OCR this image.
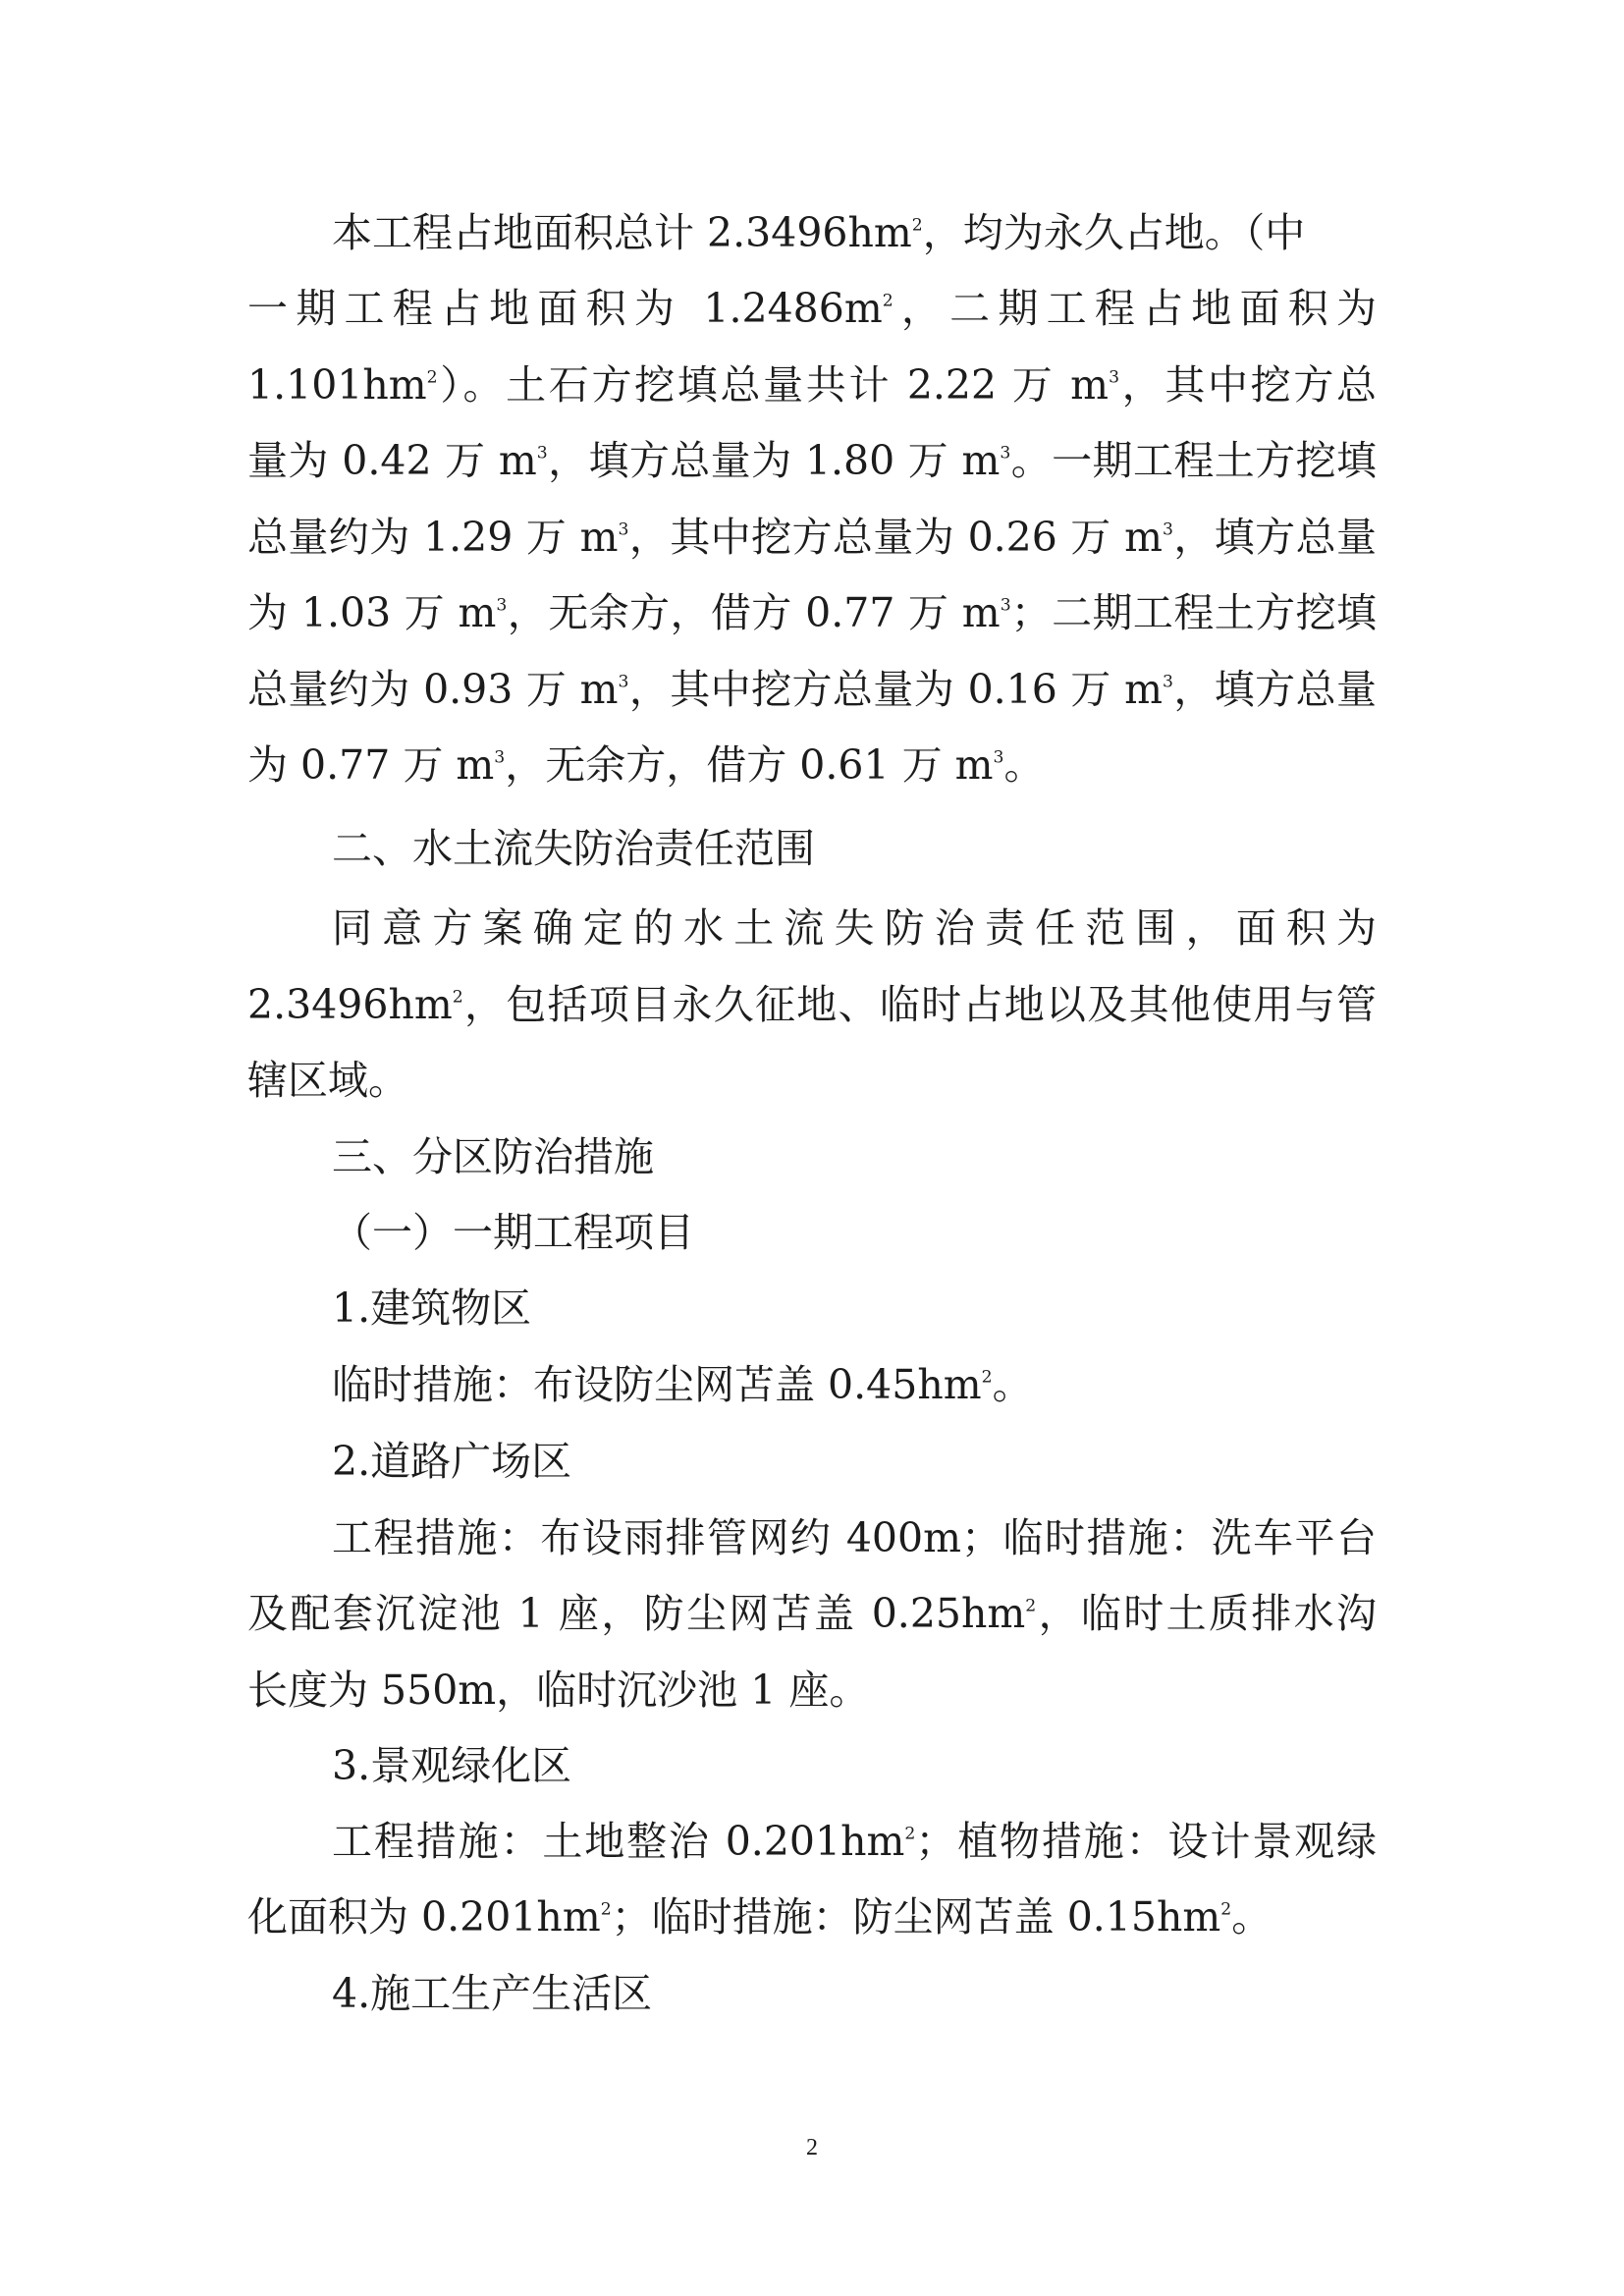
本工程占地面积总计 $2.3496hm^2$，均为永久占地。（中
一期工程占地面积为 $1.2486m^2$，二期工程占地面积为
$1.101hm^2$）。土石方挖填总量共计 2.22 万 $m^3$，其中挖方总
量为 0.42 万 $m^3$，填方总量为 1.80 万 $m^3$。一期工程土方挖填
总量约为 1.29 万 $m^3$，其中挖方总量为 0.26 万 $m^3$，填方总量
为 1.03 万 $m^3$，无余方，借方 0.77 万 $m^3$；二期工程土方挖填
总量约为 0.93 万 $m^3$，其中挖方总量为 0.16 万 $m^3$，填方总量
为 0.77 万 $m^3$，无余方，借方 0.61 万 $m^3$。
二、水土流失防治责任范围
同意方案确定的水土流失防治责任范围，面积为
$2.3496hm^2$，包括项目永久征地、临时占地以及其他使用与管
辖区域。
三、分区防治措施
（一）一期工程项目
1.建筑物区
临时措施：布设防尘网苫盖 $0.45hm^2$。
2.道路广场区
工程措施：布设雨排管网约 400m；临时措施：洗车平台
及配套沉淀池 1 座，防尘网苫盖 $0.25hm^2$，临时土质排水沟
长度为 550m，临时沉沙池 1 座。
3.景观绿化区
工程措施：土地整治 $0.201hm^2$；植物措施：设计景观绿
化面积为 $0.201hm^2$；临时措施：防尘网苫盖 $0.15hm^2$。
4.施工生产生活区
2
